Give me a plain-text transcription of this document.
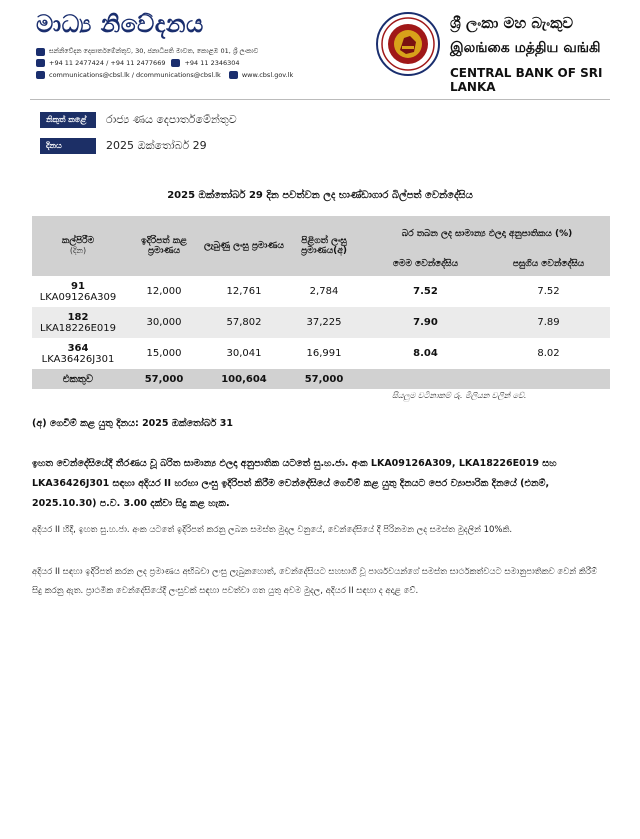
මාධ්‍ය නිවේදනය
සන්නිවේදන දෙපාර්තමේන්තුව, 30, ජනාධිපති මාවත, කොළඹ 01, ශ්‍රී ලංකාව
+94 11 2477424 / +94 11 2477669	+94 11 2346304
communications@cbsl.lk / dcommunications@cbsl.lk	www.cbsl.gov.lk
ශ්‍රී ලංකා මහ බැංකුව
இலங்கை மத்திய வங்கி
CENTRAL BANK OF SRI LANKA
නිකුත් කළේ	රාජ්‍ය ණය දෙපාර්තමේන්තුව
දිනය	2025 ඔක්තෝබර් 29
2025 ඔක්තෝබර් 29 දින පවත්වන ලද භාණ්ඩාගාර බිල්පත් වෙන්දේසිය
කල්පිරීම
(දින)	ඉදිරිපත් කළ ප්‍රමාණය	ලැබුණු ලංසු ප්‍රමාණය	පිළිගත් ලංසු ප්‍රමාණය(අ)	බර තබන ලද සාමාන්‍ය ඵලදා අනුපාතිකය (%)	
				මෙම වෙන්දේසිය	පසුගිය වෙන්දේසිය

91
LKA09126A309	12,000	12,761	2,784	7.52	7.52

182
LKA18226E019	30,000	57,802	37,225	7.90	7.89

364
LKA36426J301	15,000	30,041	16,991	8.04	8.02
එකතුව	57,000	100,604	57,000		
සියලුම වටිනාකම් රු. මිලියන වලින් වේ.
(අ) ගෙවීම් කළ යුතු දිනය: 2025 ඔක්තෝබර් 31
ඉහත වෙන්දේසියේදී තීරණය වූ බරිත සාමාන්‍ය ඵලදා අනුපාතික යටතේ සු.හ.ජා. අංක LKA09126A309, LKA18226E019 සහ LKA36426J301 සඳහා අදියර II හරහා ලංසු ඉදිරිපත් කිරීම වෙන්දේසියේ ගෙවීම් කළ යුතු දිනයට පෙර ව්‍යාපාරික දිනයේ (එනම්, 2025.10.30) ප.ව. 3.00 දක්වා සිදු කළ හැක.
අදියර II හිදී, ඉහත සු.හ.ජා. අංක යටතේ ඉදිරිපත් කරනු ලබන සමස්ත මුදල වනුයේ, වෙන්දේසියේ දී පිරිනමන ලද සමස්ත මුදලින් 10%කි.
අදියර II සඳහා ඉදිරිපත් කරන ලද ප්‍රමාණය අභිබවා ලංසු ලැබුනහොත්, වෙන්දේසියට සහභාගී වූ පාර්ශවයන්ගේ සමස්ත සාර්ථකත්වයට සමානුපාතිකව වෙන් කිරීම් සිදු කරනු ඇත. ප්‍රාථමික වෙන්දේසියේදී ලංසුවක් සඳහා පවත්වා ගත යුතු අවම මුදල, අදියර II සඳහා ද අදාළ වේ.
